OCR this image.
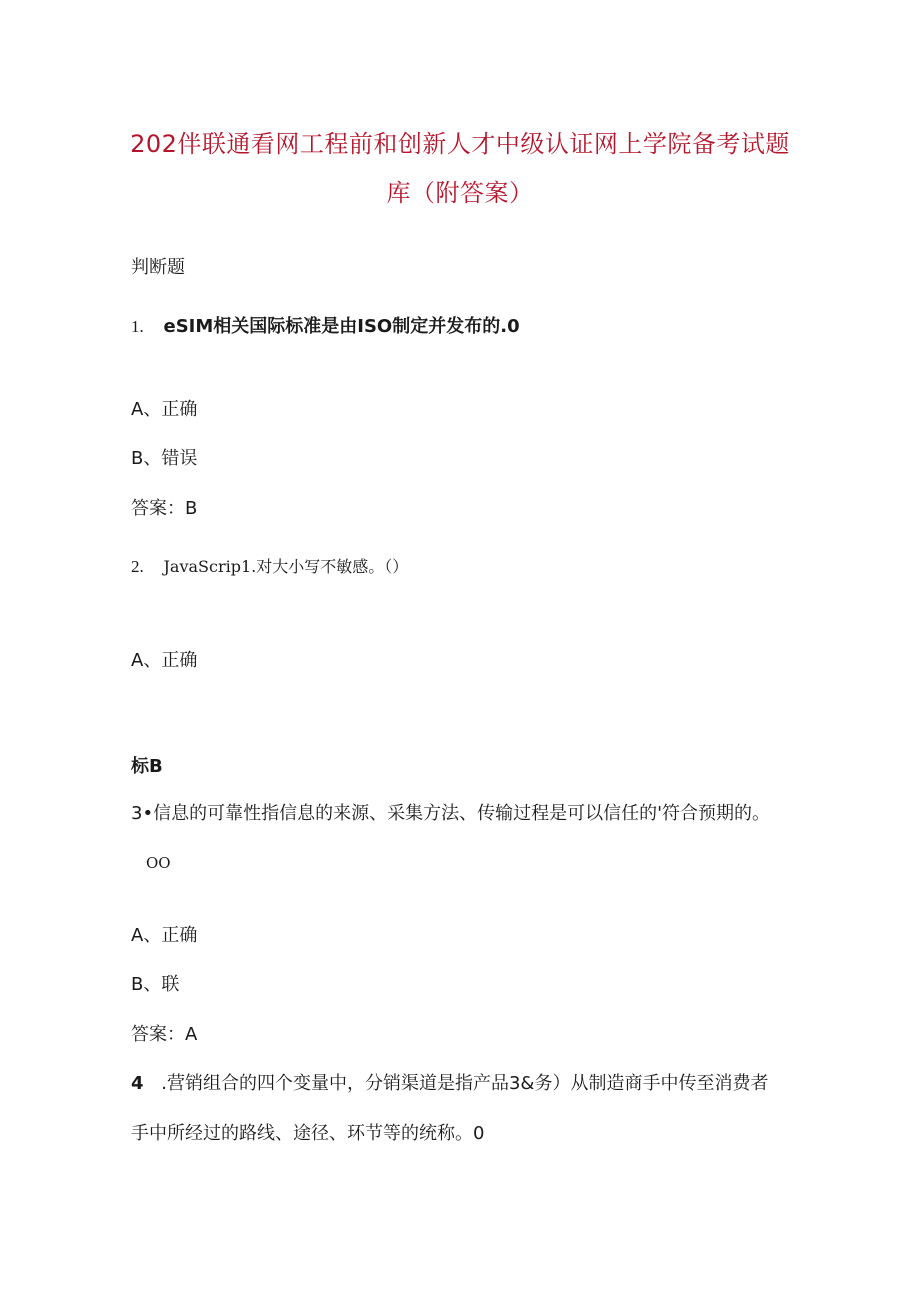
202伴联通看网工程前和创新人才中级认证网上学院备考试题
库（附答案）
判断题
1. eSIM相关国际标准是由ISO制定并发布的.0
A、正确
B、错误
答案：B
2. JavaScrip1.对大小写不敏感。（）
A、正确
标B
3•信息的可靠性指信息的来源、采集方法、传输过程是可以信任的'符合预期的。
OO
A、正确
B、联
答案：A
4 .营销组合的四个变量中，分销渠道是指产品3&务）从制造商手中传至消费者
手中所经过的路线、途径、环节等的统称。0
